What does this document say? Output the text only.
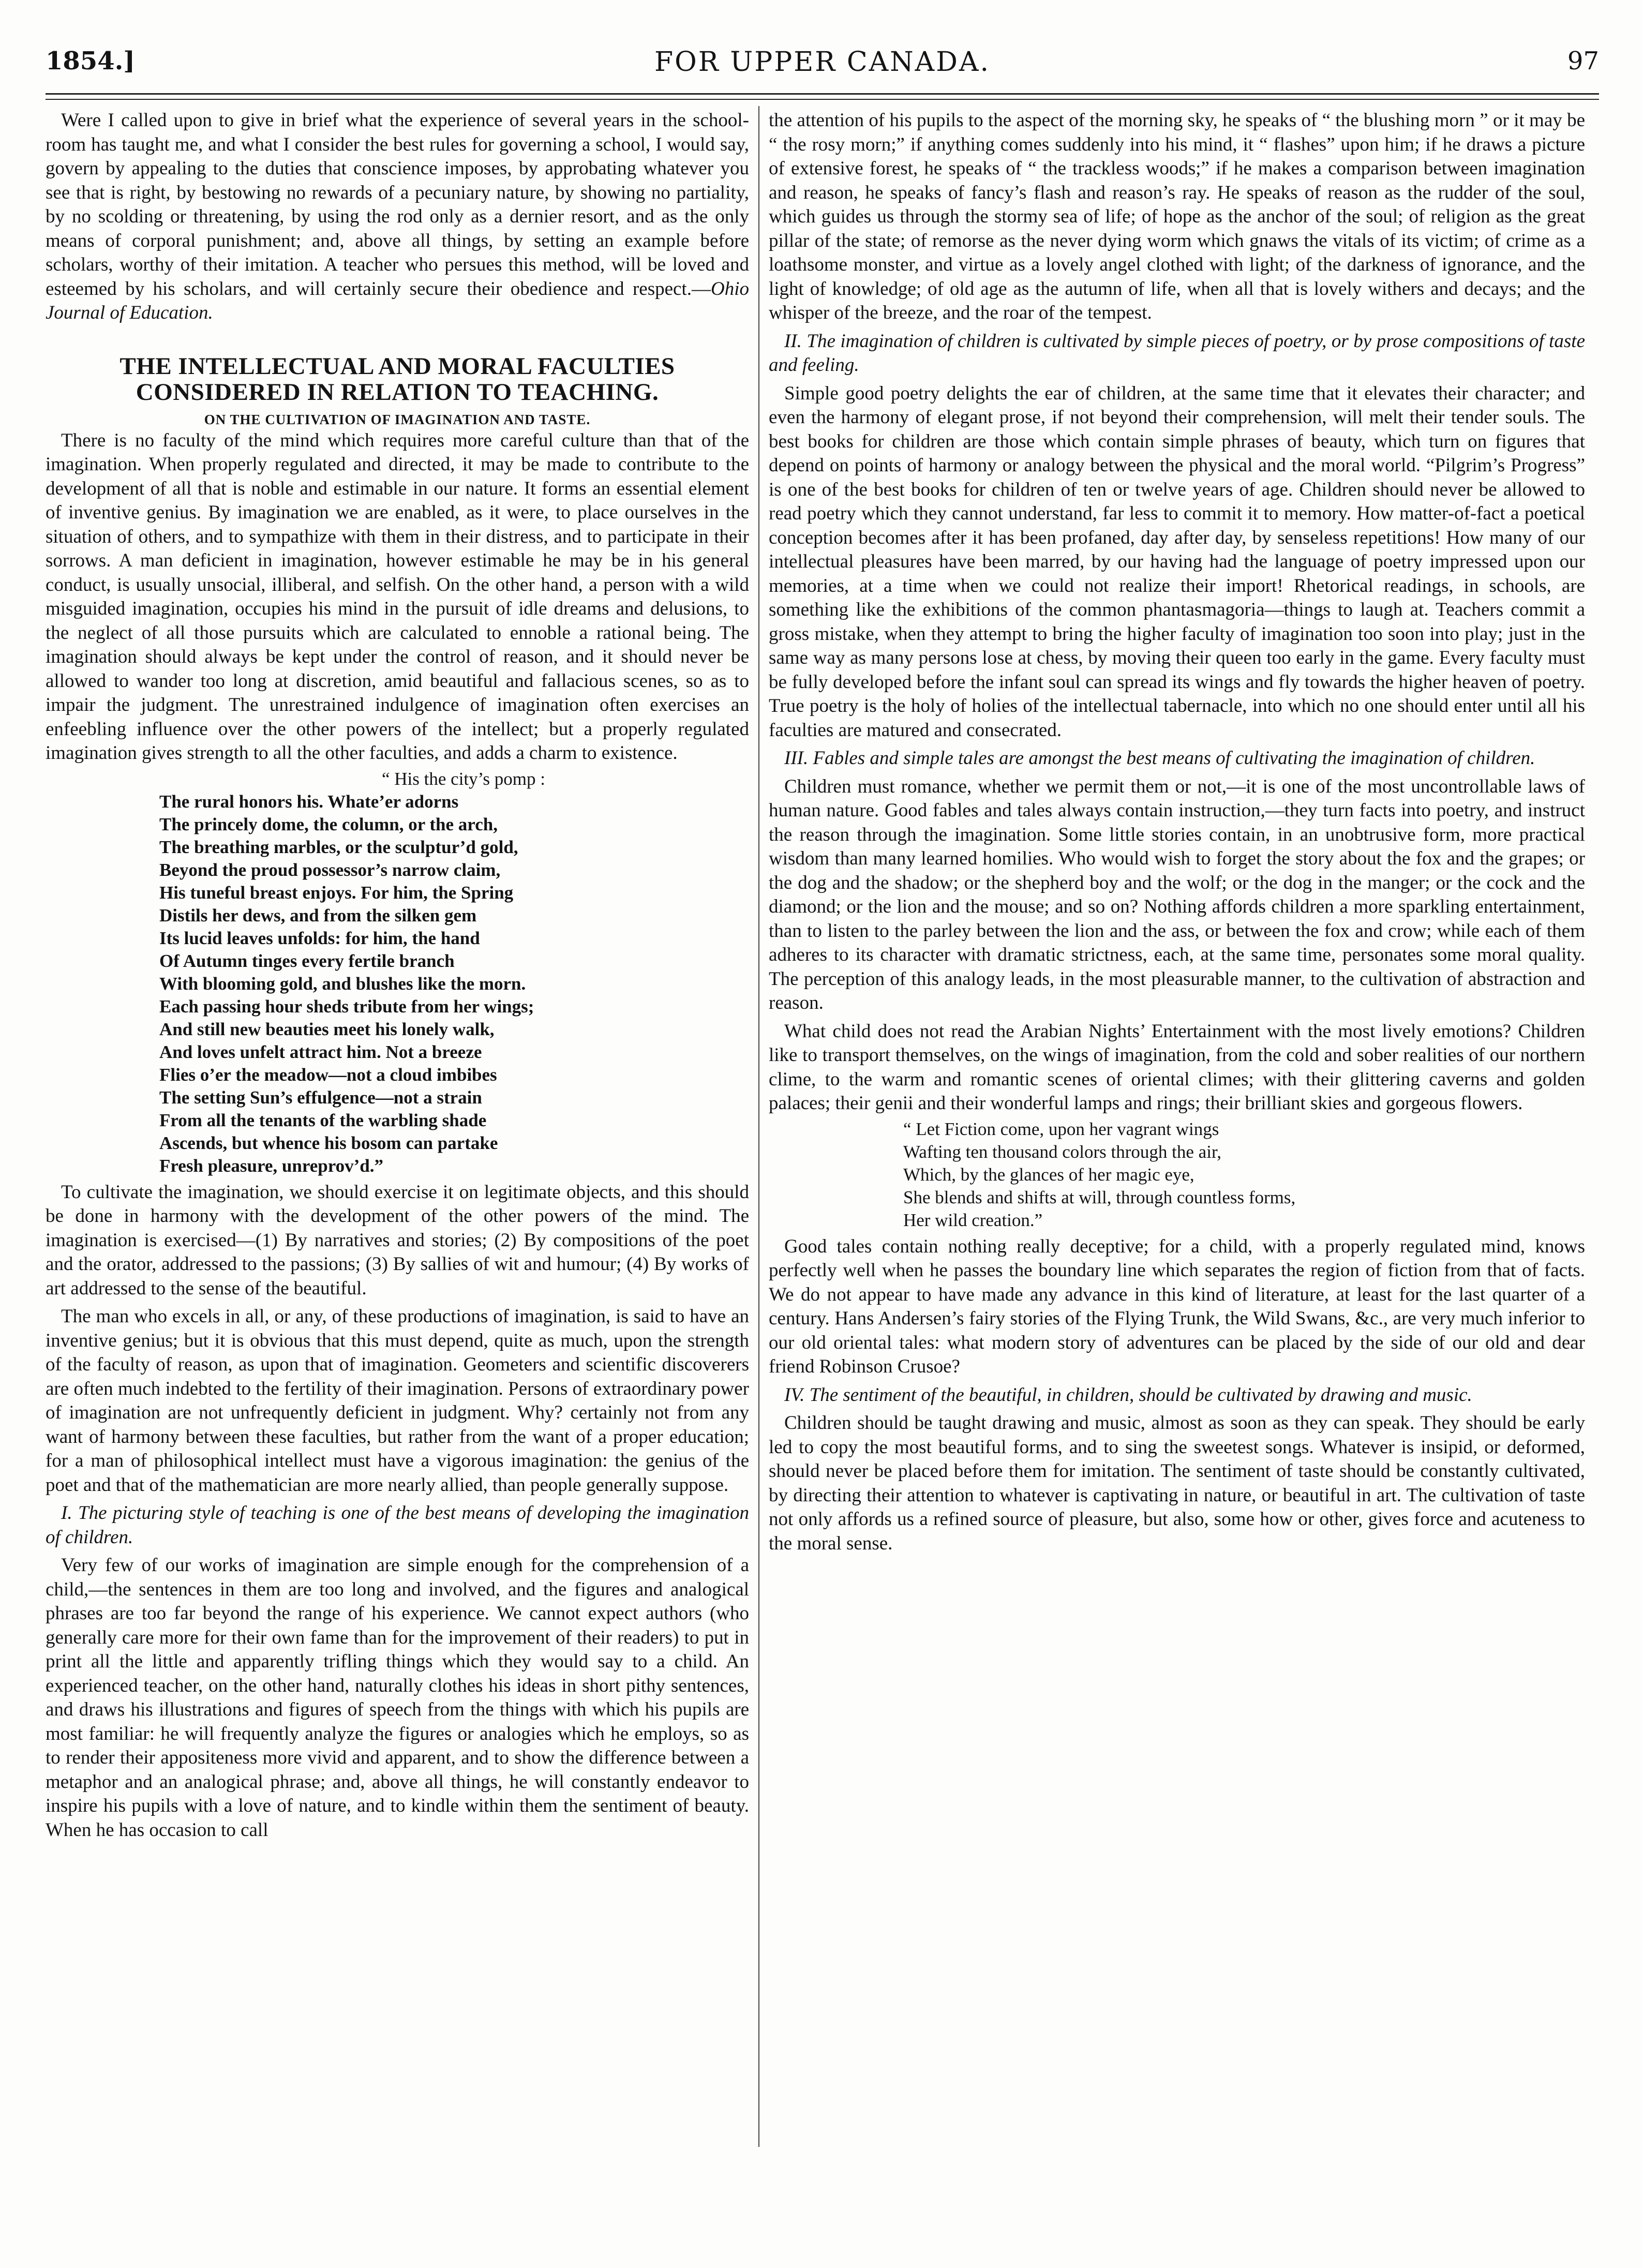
1854.]	FOR UPPER CANADA.	97

Were I called upon to give in brief what the experience of several years in the school-room has taught me, and what I consider the best rules for governing a school, I would say, govern by appealing to the duties that conscience imposes, by approbating whatever you see that is right, by bestowing no rewards of a pecuniary nature, by showing no partiality, by no scolding or threatening, by using the rod only as a dernier resort, and as the only means of corporal punishment; and, above all things, by setting an example before scholars, worthy of their imitation. A teacher who persues this method, will be loved and esteemed by his scholars, and will certainly secure their obedience and respect.—Ohio Journal of Education.

THE INTELLECTUAL AND MORAL FACULTIES CONSIDERED IN RELATION TO TEACHING.
ON THE CULTIVATION OF IMAGINATION AND TASTE.

There is no faculty of the mind which requires more careful culture than that of the imagination. When properly regulated and directed, it may be made to contribute to the development of all that is noble and estimable in our nature. It forms an essential element of inventive genius. By imagination we are enabled, as it were, to place ourselves in the situation of others, and to sympathize with them in their distress, and to participate in their sorrows. A man deficient in imagination, however estimable he may be in his general conduct, is usually unsocial, illiberal, and selfish. On the other hand, a person with a wild misguided imagination, occupies his mind in the pursuit of idle dreams and delusions, to the neglect of all those pursuits which are calculated to ennoble a rational being. The imagination should always be kept under the control of reason, and it should never be allowed to wander too long at discretion, amid beautiful and fallacious scenes, so as to impair the judgment. The unrestrained indulgence of imagination often exercises an enfeebling influence over the other powers of the intellect; but a properly regulated imagination gives strength to all the other faculties, and adds a charm to existence.

“ His the city’s pomp :
The rural honors his. Whate’er adorns
The princely dome, the column, or the arch,
The breathing marbles, or the sculptur’d gold,
Beyond the proud possessor’s narrow claim,
His tuneful breast enjoys. For him, the Spring
Distils her dews, and from the silken gem
Its lucid leaves unfolds: for him, the hand
Of Autumn tinges every fertile branch
With blooming gold, and blushes like the morn.
Each passing hour sheds tribute from her wings;
And still new beauties meet his lonely walk,
And loves unfelt attract him. Not a breeze
Flies o’er the meadow—not a cloud imbibes
The setting Sun’s effulgence—not a strain
From all the tenants of the warbling shade
Ascends, but whence his bosom can partake
Fresh pleasure, unreprov’d.”

To cultivate the imagination, we should exercise it on legitimate objects, and this should be done in harmony with the development of the other powers of the mind. The imagination is exercised—(1) By narratives and stories; (2) By compositions of the poet and the orator, addressed to the passions; (3) By sallies of wit and humour; (4) By works of art addressed to the sense of the beautiful.

The man who excels in all, or any, of these productions of imagination, is said to have an inventive genius; but it is obvious that this must depend, quite as much, upon the strength of the faculty of reason, as upon that of imagination. Geometers and scientific discoverers are often much indebted to the fertility of their imagination. Persons of extraordinary power of imagination are not unfrequently deficient in judgment. Why? certainly not from any want of harmony between these faculties, but rather from the want of a proper education; for a man of philosophical intellect must have a vigorous imagination: the genius of the poet and that of the mathematician are more nearly allied, than people generally suppose.

I. The picturing style of teaching is one of the best means of developing the imagination of children.

Very few of our works of imagination are simple enough for the comprehension of a child,—the sentences in them are too long and involved, and the figures and analogical phrases are too far beyond the range of his experience. We cannot expect authors (who generally care more for their own fame than for the improvement of their readers) to put in print all the little and apparently trifling things which they would say to a child. An experienced teacher, on the other hand, naturally clothes his ideas in short pithy sentences, and draws his illustrations and figures of speech from the things with which his pupils are most familiar: he will frequently analyze the figures or analogies which he employs, so as to render their appositeness more vivid and apparent, and to show the difference between a metaphor and an analogical phrase; and, above all things, he will constantly endeavor to inspire his pupils with a love of nature, and to kindle within them the sentiment of beauty. When he has occasion to call

the attention of his pupils to the aspect of the morning sky, he speaks of “ the blushing morn ” or it may be “ the rosy morn;” if anything comes suddenly into his mind, it “ flashes” upon him; if he draws a picture of extensive forest, he speaks of “ the trackless woods;” if he makes a comparison between imagination and reason, he speaks of fancy’s flash and reason’s ray. He speaks of reason as the rudder of the soul, which guides us through the stormy sea of life; of hope as the anchor of the soul; of religion as the great pillar of the state; of remorse as the never dying worm which gnaws the vitals of its victim; of crime as a loathsome monster, and virtue as a lovely angel clothed with light; of the darkness of ignorance, and the light of knowledge; of old age as the autumn of life, when all that is lovely withers and decays; and the whisper of the breeze, and the roar of the tempest.

II. The imagination of children is cultivated by simple pieces of poetry, or by prose compositions of taste and feeling.

Simple good poetry delights the ear of children, at the same time that it elevates their character; and even the harmony of elegant prose, if not beyond their comprehension, will melt their tender souls. The best books for children are those which contain simple phrases of beauty, which turn on figures that depend on points of harmony or analogy between the physical and the moral world. “Pilgrim’s Progress” is one of the best books for children of ten or twelve years of age. Children should never be allowed to read poetry which they cannot understand, far less to commit it to memory. How matter-of-fact a poetical conception becomes after it has been profaned, day after day, by senseless repetitions! How many of our intellectual pleasures have been marred, by our having had the language of poetry impressed upon our memories, at a time when we could not realize their import! Rhetorical readings, in schools, are something like the exhibitions of the common phantasmagoria—things to laugh at. Teachers commit a gross mistake, when they attempt to bring the higher faculty of imagination too soon into play; just in the same way as many persons lose at chess, by moving their queen too early in the game. Every faculty must be fully developed before the infant soul can spread its wings and fly towards the higher heaven of poetry. True poetry is the holy of holies of the intellectual tabernacle, into which no one should enter until all his faculties are matured and consecrated.

III. Fables and simple tales are amongst the best means of cultivating the imagination of children.

Children must romance, whether we permit them or not,—it is one of the most uncontrollable laws of human nature. Good fables and tales always contain instruction,—they turn facts into poetry, and instruct the reason through the imagination. Some little stories contain, in an unobtrusive form, more practical wisdom than many learned homilies. Who would wish to forget the story about the fox and the grapes; or the dog and the shadow; or the shepherd boy and the wolf; or the dog in the manger; or the cock and the diamond; or the lion and the mouse; and so on? Nothing affords children a more sparkling entertainment, than to listen to the parley between the lion and the ass, or between the fox and crow; while each of them adheres to its character with dramatic strictness, each, at the same time, personates some moral quality. The perception of this analogy leads, in the most pleasurable manner, to the cultivation of abstraction and reason.

What child does not read the Arabian Nights’ Entertainment with the most lively emotions? Children like to transport themselves, on the wings of imagination, from the cold and sober realities of our northern clime, to the warm and romantic scenes of oriental climes; with their glittering caverns and golden palaces; their genii and their wonderful lamps and rings; their brilliant skies and gorgeous flowers.

“ Let Fiction come, upon her vagrant wings
Wafting ten thousand colors through the air,
Which, by the glances of her magic eye,
She blends and shifts at will, through countless forms,
Her wild creation.”

Good tales contain nothing really deceptive; for a child, with a properly regulated mind, knows perfectly well when he passes the boundary line which separates the region of fiction from that of facts. We do not appear to have made any advance in this kind of literature, at least for the last quarter of a century. Hans Andersen’s fairy stories of the Flying Trunk, the Wild Swans, &c., are very much inferior to our old oriental tales: what modern story of adventures can be placed by the side of our old and dear friend Robinson Crusoe?

IV. The sentiment of the beautiful, in children, should be cultivated by drawing and music.

Children should be taught drawing and music, almost as soon as they can speak. They should be early led to copy the most beautiful forms, and to sing the sweetest songs. Whatever is insipid, or deformed, should never be placed before them for imitation. The sentiment of taste should be constantly cultivated, by directing their attention to whatever is captivating in nature, or beautiful in art. The cultivation of taste not only affords us a refined source of pleasure, but also, some how or other, gives force and acuteness to the moral sense.
